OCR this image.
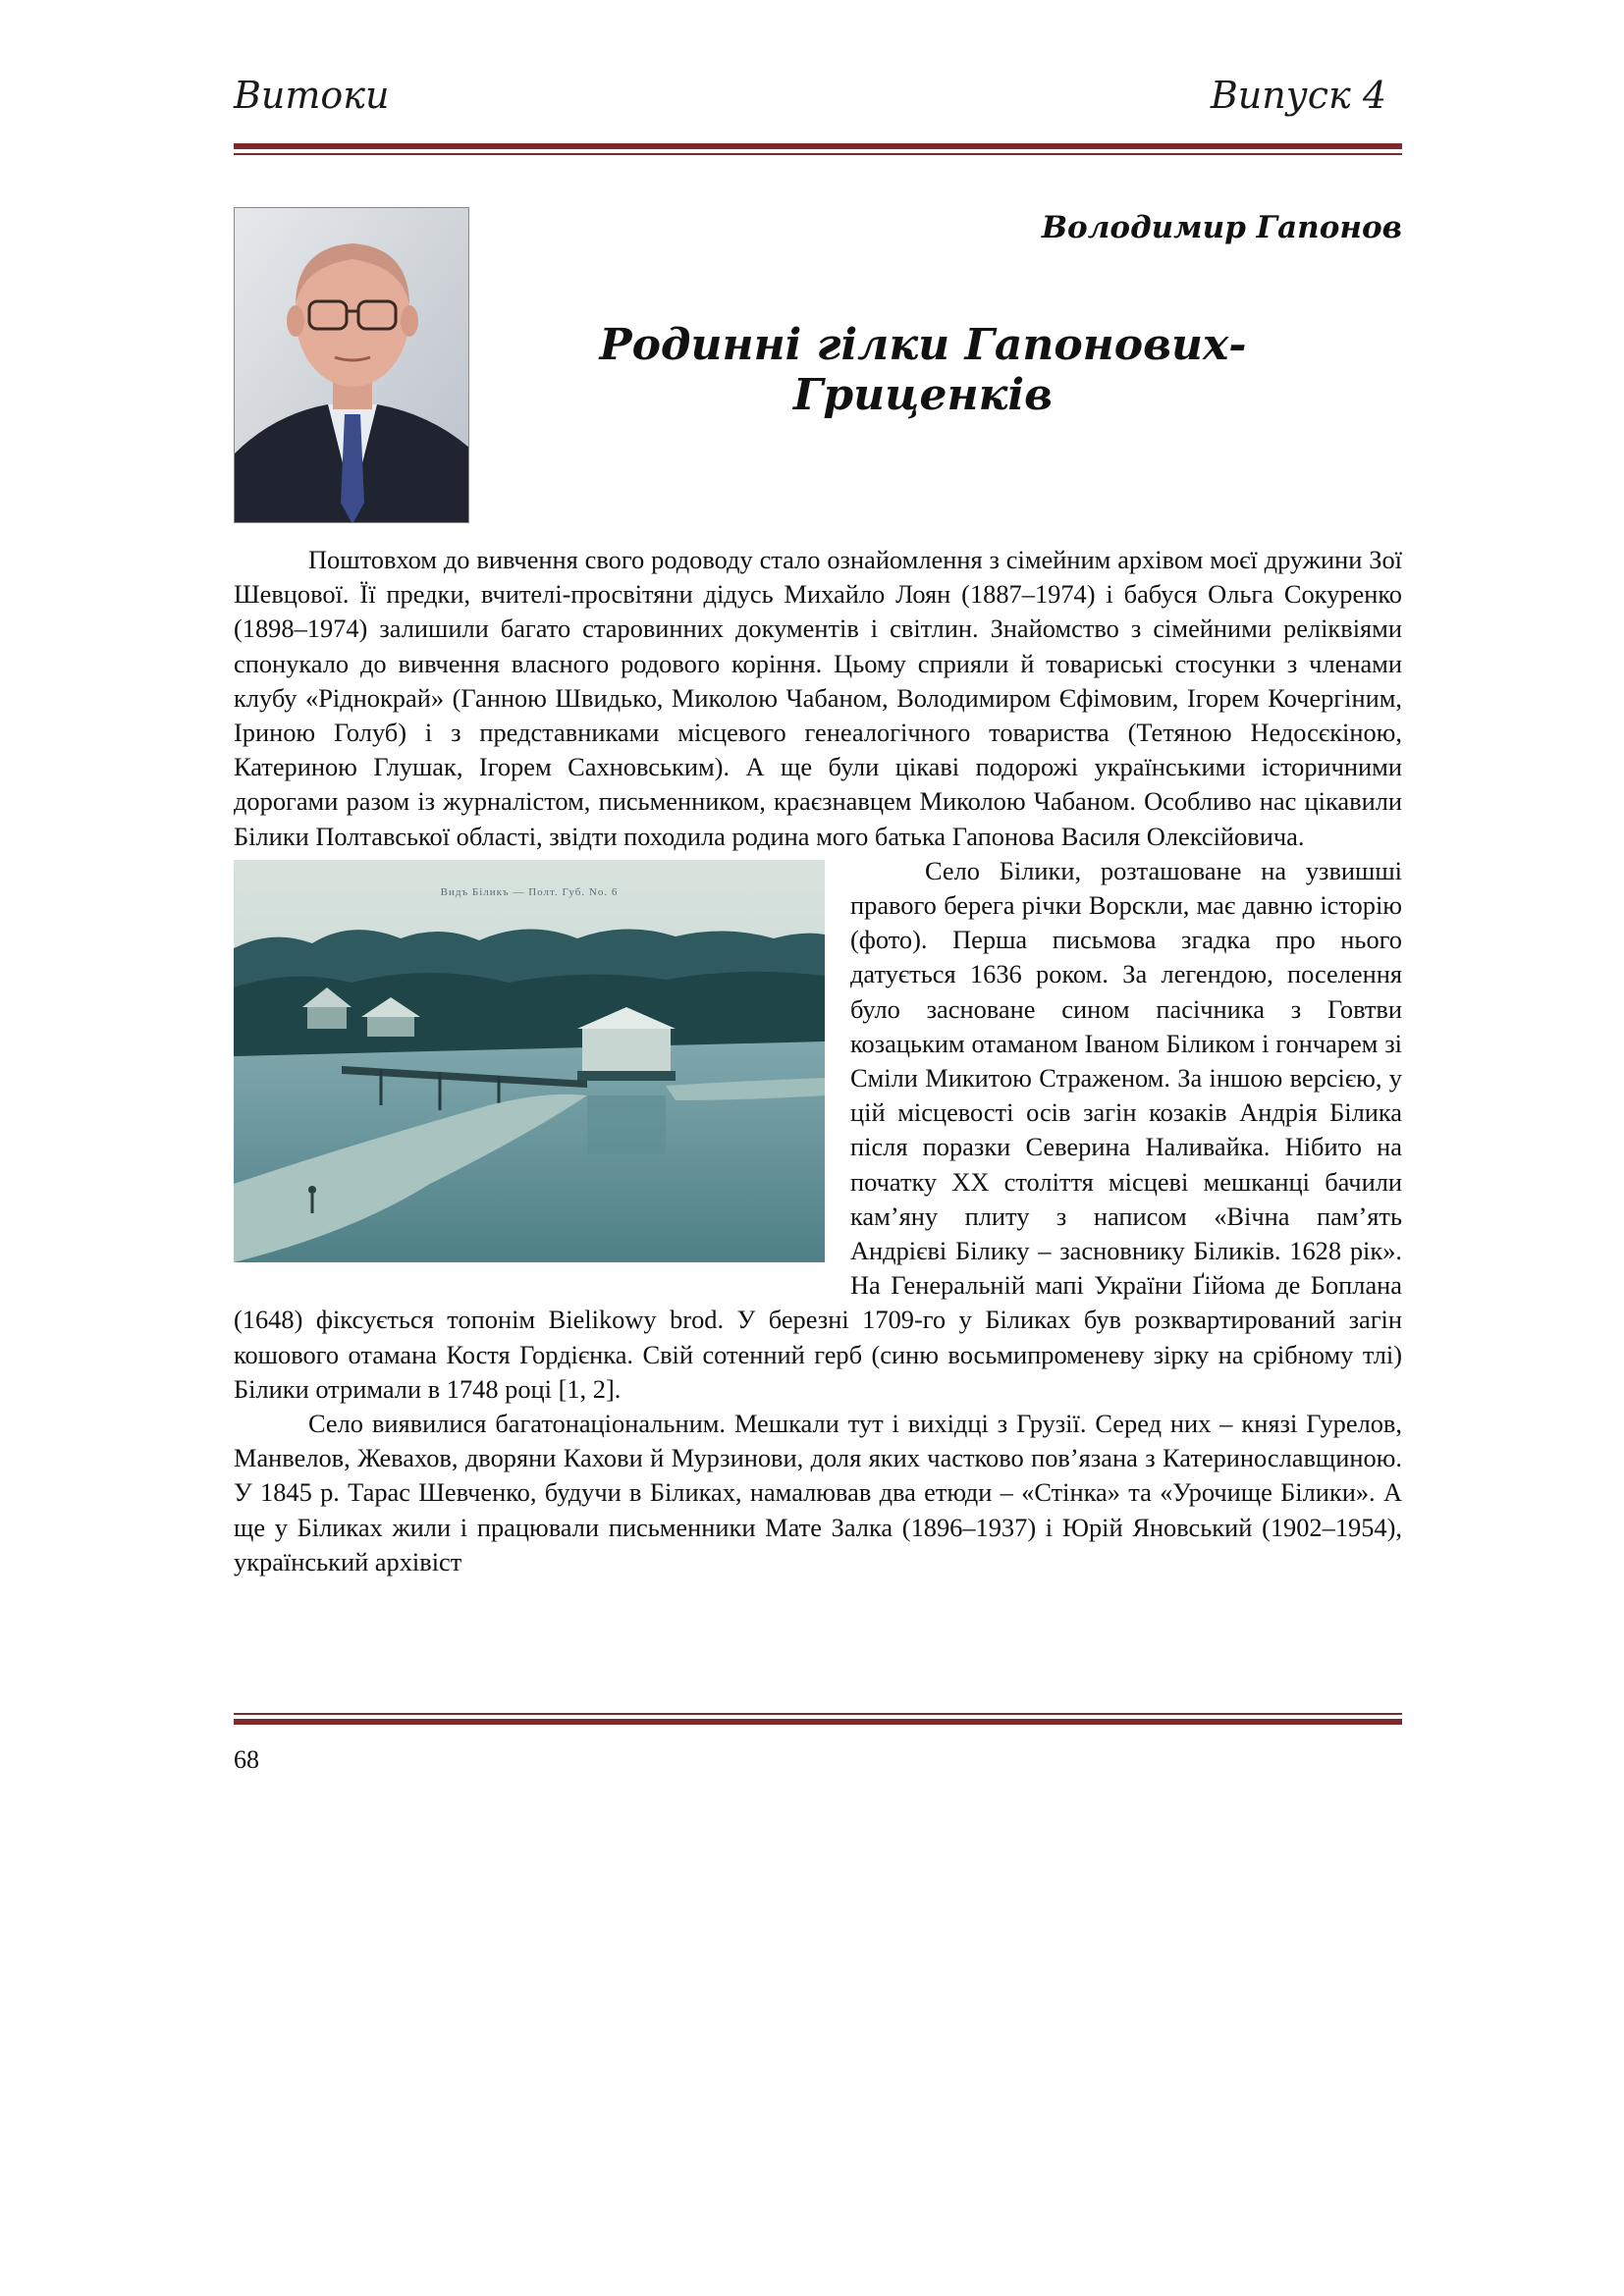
Витоки	Випуск 4
Володимир Гапонов
Родинні гілки Гапонових-Гриценків

Поштовхом до вивчення свого родоводу стало ознайомлення з сімейним архівом моєї дружини Зої Шевцової. Її предки, вчителі-просвітяни дідусь Михайло Лоян (1887–1974) і бабуся Ольга Сокуренко (1898–1974) залишили багато старовинних документів і світлин. Знайомство з сімейними реліквіями спонукало до вивчення власного родового коріння. Цьому сприяли й товариські стосунки з членами клубу «Ріднокрай» (Ганною Швидько, Миколою Чабаном, Володимиром Єфімовим, Ігорем Кочергіним, Іриною Голуб) і з представниками місцевого генеалогічного товариства (Тетяною Недосєкіною, Катериною Глушак, Ігорем Сахновським). А ще були цікаві подорожі українськими історичними дорогами разом із журналістом, письменником, краєзнавцем Миколою Чабаном. Особливо нас цікавили Білики Полтавської області, звідти походила родина мого батька Гапонова Василя Олексійовича.

Видъ Біликъ — Полт. Губ. No. 6

Село Білики, розташоване на узвишші правого берега річки Ворскли, має давню історію (фото). Перша письмова згадка про нього датується 1636 роком. За легендою, поселення було засноване сином пасічника з Говтви козацьким отаманом Іваном Біликом і гончарем зі Сміли Микитою Страженом. За іншою версією, у цій місцевості осів загін козаків Андрія Білика після поразки Северина Наливайка. Нібито на початку XX століття місцеві мешканці бачили кам’яну плиту з написом «Вічна пам’ять Андрієві Білику – засновнику Біликів. 1628 рік». На Генеральній мапі України Ґійома де Боплана (1648) фіксується топонім Bielikowy brod. У березні 1709-го у Біликах був розквартирований загін кошового отамана Костя Гордієнка. Свій сотенний герб (синю восьмипроменеву зірку на срібному тлі) Білики отримали в 1748 році [1, 2].

Село виявилися багатонаціональним. Мешкали тут і вихідці з Грузії. Серед них – князі Гурелов, Манвелов, Жевахов, дворяни Кахови й Мурзинови, доля яких частково пов’язана з Катеринославщиною. У 1845 р. Тарас Шевченко, будучи в Біликах, намалював два етюди – «Стінка» та «Урочище Білики». А ще у Біликах жили і працювали письменники Мате Залка (1896–1937) і Юрій Яновський (1902–1954), український архівіст

68
